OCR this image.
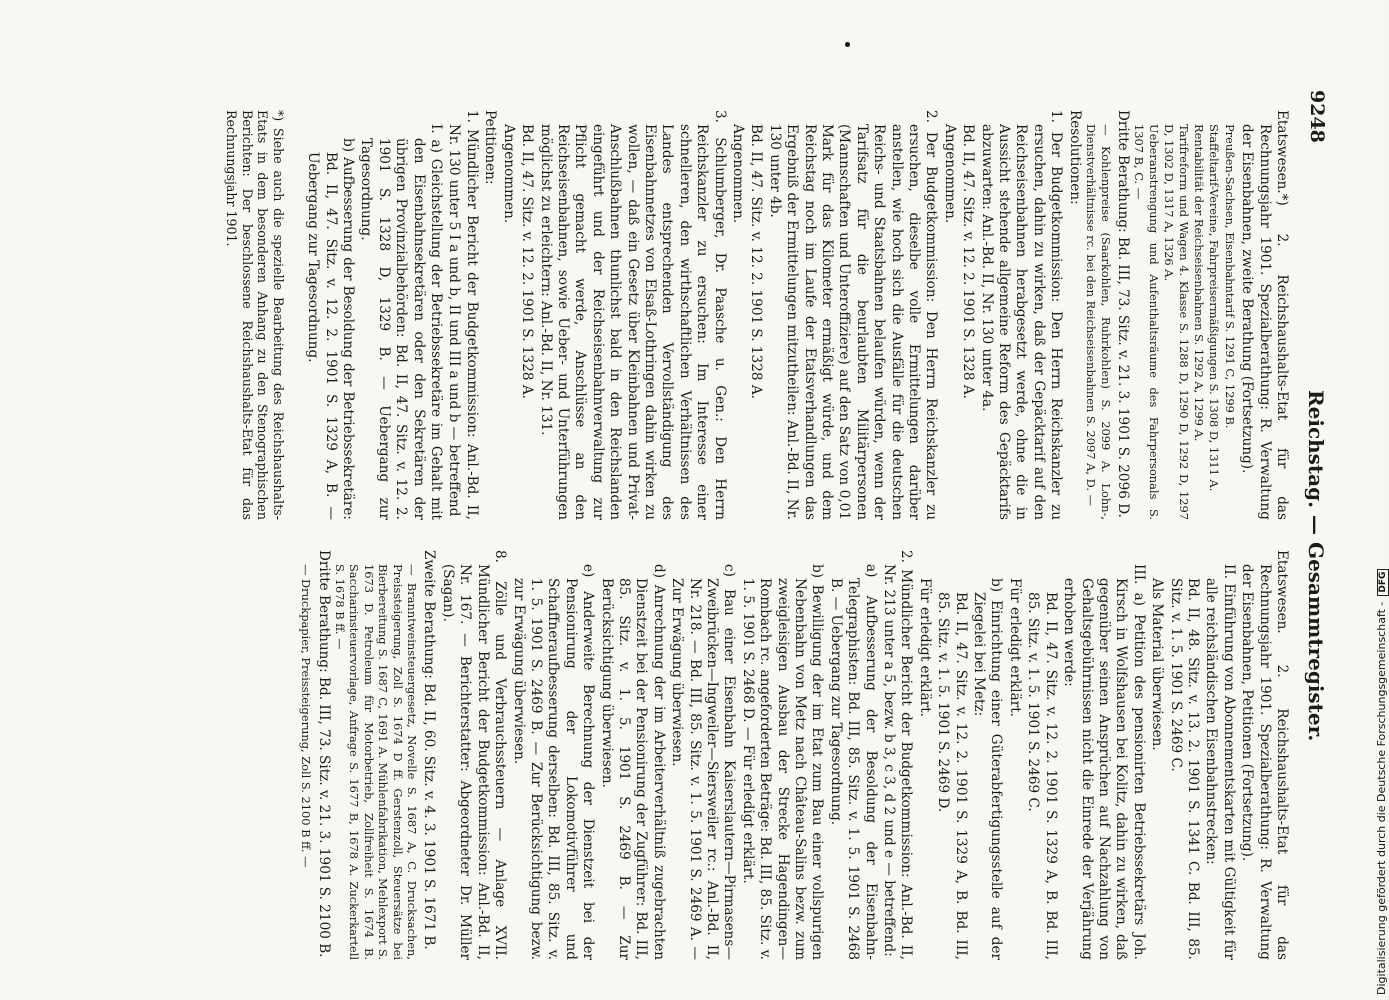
9248
Reichstag. — Gesammtregister.
Etatswesen.*) 2. Reichshaushalts-Etat für das Rechnungsjahr 1901. Spezialberathung: R. Verwaltung der Eisenbahnen, zweite Berathung (Fortsetzung).
Preußen-Sachsen, Eisenbahntarif S. 1291 C, 1299 B.
Staffeltarif-Vereine, Fahrpreisermäßigungen S. 1308 D, 1311 A.
Rentabilität der Reichseisenbahnen S. 1292 A, 1299 A.
Tarifreform und Wagen 4. Klasse S. 1288 D, 1290 D, 1292 D, 1297 D, 1302 D, 1317 A, 1326 A.
Ueberanstrengung und Aufenthaltsräume des Fahrpersonals S. 1307 B, C. —
Dritte Berathung: Bd. III, 73. Sitz. v. 21. 3. 1901 S. 2096 D.
— Kohlenpreise (Saarkohlen, Ruhrkohlen) S. 2099 A. Lohn-, Dienstverhältnisse rc. bei den Reichseisenbahnen S. 2097 A, D. —
Resolutionen:
1. Der Budgetkommission: Den Herrn Reichskanzler zu ersuchen, dahin zu wirken, daß der Gepäcktarif auf den Reichseisenbahnen herabgesetzt werde, ohne die in Aussicht stehende allgemeine Reform des Gepäcktarifs abzuwarten: Anl.-Bd. II, Nr. 130 unter 4a.
Bd. II, 47. Sitz. v. 12. 2. 1901 S. 1328 A.
Angenommen.
2. Der Budgetkommission: Den Herrn Reichskanzler zu ersuchen, dieselbe volle Ermittelungen darüber anstellen, wie hoch sich die Ausfälle für die deutschen Reichs- und Staatsbahnen belaufen würden, wenn der Tarifsatz für die beurlaubten Militärpersonen (Mannschaften und Unteroffiziere) auf den Satz von 0,01 Mark für das Kilometer ermäßigt würde, und dem Reichstag noch im Laufe der Etatsverhandlungen das Ergebniß der Ermittelungen mitzutheilen: Anl.-Bd. II, Nr. 130 unter 4b.
Bd. II, 47. Sitz. v. 12. 2. 1901 S. 1328 A.
Angenommen.
3. Schlumberger, Dr. Paasche u. Gen.: Den Herrn Reichskanzler zu ersuchen: Im Interesse einer schnelleren, den wirthschaftlichen Verhältnissen des Landes entsprechenden Vervollständigung des Eisenbahnnetzes von Elsaß-Lothringen dahin wirken zu wollen, — daß ein Gesetz über Kleinbahnen und Privat-Anschlußbahnen thunlichst bald in den Reichslanden eingeführt und der Reichseisenbahnverwaltung zur Pflicht gemacht werde, Anschlüsse an den Reichseisenbahnen, sowie Ueber- und Unterführungen möglichst zu erleichtern: Anl.-Bd. II, Nr. 131.
Bd. II, 47. Sitz. v. 12. 2. 1901 S. 1328 A.
Angenommen.
Petitionen:
1. Mündlicher Bericht der Budgetkommission: Anl.-Bd. II, Nr. 130 unter 5 I a und b, II und III a und b — betreffend
I. a) Gleichstellung der Betriebssekretäre im Gehalt mit den Eisenbahnsekretären oder den Sekretären der übrigen Provinzialbehörden: Bd. II, 47. Sitz. v. 12. 2. 1901 S. 1328 D, 1329 B. — Uebergang zur Tagesordnung.
b) Aufbesserung der Besoldung der Betriebssekretäre: Bd. II, 47. Sitz. v. 12. 2. 1901 S. 1329 A, B. — Uebergang zur Tagesordnung.
*) Siehe auch die spezielle Bearbeitung des Reichshaushalts-Etats in dem besonderen Anhang zu den Stenographischen Berichten: Der beschlossene Reichshaushalts-Etat für das Rechnungsjahr 1901.
Etatswesen. 2. Reichshaushalts-Etat für das Rechnungsjahr 1901. Spezialberathung: R. Verwaltung der Eisenbahnen, Petitionen (Fortsetzung).
II. Einführung von Abonnementskarten mit Gültigkeit für alle reichsländischen Eisenbahnstrecken:
Bd. II, 48. Sitz. v. 13. 2. 1901 S. 1341 C. Bd. III, 85. Sitz. v. 1. 5. 1901 S. 2469 C.
Als Material überwiesen.
III. a) Petition des pensionirten Betriebssekretärs Joh. Kirsch in Wolfshausen bei Kolitz, dahin zu wirken, daß gegenüber seinen Ansprüchen auf Nachzahlung von Gehaltsgebührnissen nicht die Einrede der Verjährung erhoben werde:
Bd. II, 47. Sitz. v. 12. 2. 1901 S. 1329 A, B. Bd. III, 85. Sitz. v. 1. 5. 1901 S. 2469 C.
Für erledigt erklärt.
b) Einrichtung einer Güterabfertigungsstelle auf der Ziegelei bei Metz:
Bd. II, 47. Sitz. v. 12. 2. 1901 S. 1329 A, B. Bd. III, 85. Sitz. v. 1. 5. 1901 S. 2469 D.
Für erledigt erklärt.
2. Mündlicher Bericht der Budgetkommission: Anl.-Bd. II, Nr. 213 unter a 5, bezw. b 3, c 3, d 2 und e — betreffend:
a) Aufbesserung der Besoldung der Eisenbahn-Telegraphisten: Bd. III, 85. Sitz. v. 1. 5. 1901 S. 2468 B. — Uebergang zur Tagesordnung.
b) Bewilligung der im Etat zum Bau einer vollspurigen Nebenbahn von Metz nach Château-Salins bezw. zum zweigleisigen Ausbau der Strecke Hagendingen—Rombach rc. angeforderten Beträge: Bd. III, 85. Sitz. v. 1. 5. 1901 S. 2468 D. — Für erledigt erklärt.
c) Bau einer Eisenbahn Kaiserslautern—Pirmasens—Zweibrücken—Ingweiler—Siersweiler rc.: Anl.-Bd. II, Nr. 218. — Bd. III, 85. Sitz. v. 1. 5. 1901 S. 2469 A. — Zur Erwägung überwiesen.
d) Anrechnung der im Arbeiterverhältniß zugebrachten Dienstzeit bei der Pensionirung der Zugführer: Bd. III, 85. Sitz. v. 1. 5. 1901 S. 2469 B. — Zur Berücksichtigung überwiesen.
e) Anderweite Berechnung der Dienstzeit bei der Pensionirung der Lokomotivführer und Schaffneraufbesserung derselben: Bd. III, 85. Sitz. v. 1. 5. 1901 S. 2469 B. — Zur Berücksichtigung bezw. zur Erwägung überwiesen.
8. Zölle und Verbrauchssteuern — Anlage XVII. Mündlicher Bericht der Budgetkommission: Anl.-Bd. II, Nr. 167. — Berichterstatter: Abgeordneter Dr. Müller (Sagan).
Zweite Berathung: Bd. II, 60. Sitz. v. 4. 3. 1901 S. 1671 B.
— Branntweinsteuergesetz, Novelle S. 1687 A, C. Drucksachen, Preissteigerung, Zoll S. 1674 D ff. Gerstenzoll, Steuersätze bei Bierbereitung S. 1687 C, 1691 A. Mühlenfabrikation, Mehlexport S. 1673 D. Petroleum für Motorbetrieb, Zollfreiheit S. 1674 B. Saccharinsteuervorlage, Anfrage S. 1677 B, 1678 A. Zuckerkartell S. 1678 B ff. —
Dritte Berathung: Bd. III, 73. Sitz. v. 21. 3. 1901 S. 2100 B.
— Druckpapier, Preissteigerung, Zoll S. 2100 B ff. —	Digitalisierung gefördert durch die Deutsche Forschungsgemeinschaft -DFG
